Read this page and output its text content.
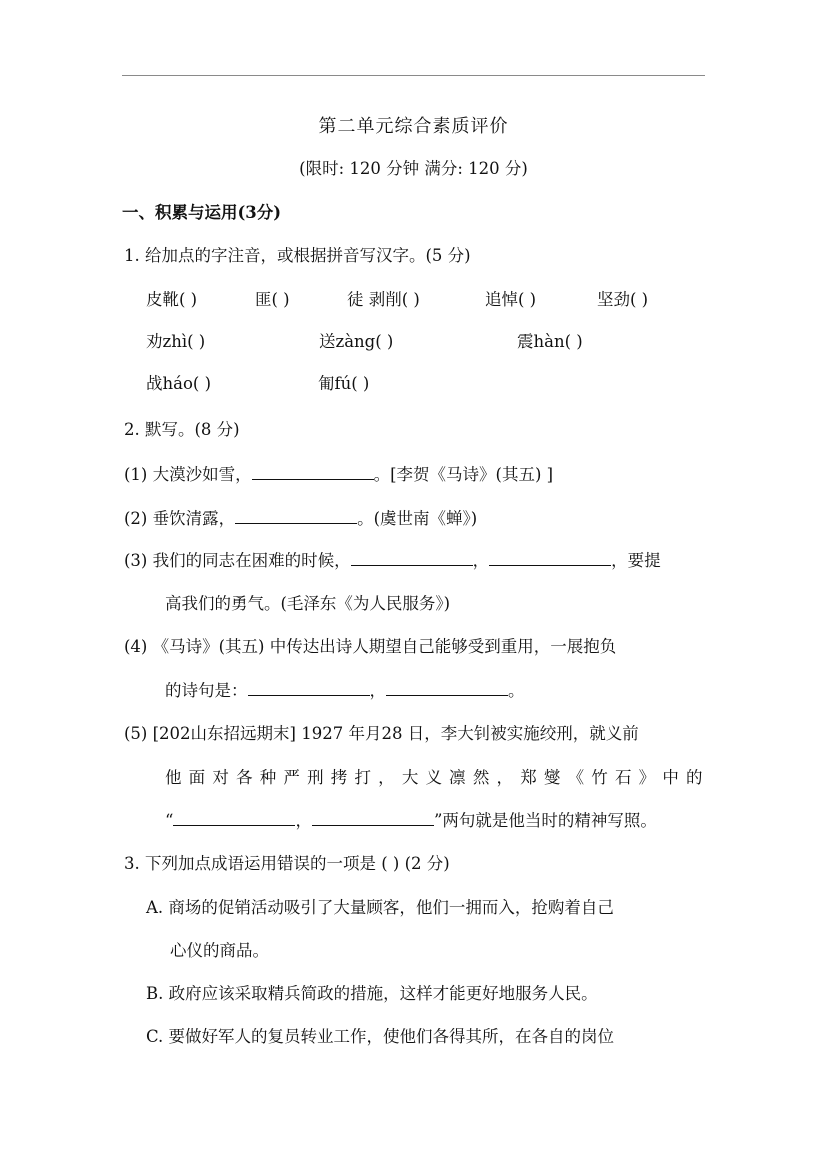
第二单元综合素质评价
(限时: 120 分钟 满分: 120 分)
一、积累与运用(3分)
1. 给加点的字注音，或根据拼音写汉字。(5 分)
皮靴( )	匪( )	徒 剥削( )	追悼( )	坚劲( )
劝zhì( )	送zàng( )	震hàn( )
战háo( )	匍fú( )
2. 默写。(8 分)
(1) 大漠沙如雪，	。[李贺《马诗》(其五) ]
(2) 垂饮清露，	。(虞世南《蝉》)
(3) 我们的同志在困难的时候，	，	，要提
高我们的勇气。(毛泽东《为人民服务》)
(4) 《马诗》(其五) 中传达出诗人期望自己能够受到重用，一展抱负
的诗句是：	，	。
(5) [202山东招远期末] 1927 年月28 日，李大钊被实施绞刑，就义前
他面对各种严刑拷打，大义凛然，郑燮《竹石》中的
“	，	”两句就是他当时的精神写照。
3. 下列加点成语运用错误的一项是 ( ) (2 分)
A. 商场的促销活动吸引了大量顾客，他们一拥而入，抢购着自己
心仪的商品。
B. 政府应该采取精兵简政的措施，这样才能更好地服务人民。
C. 要做好军人的复员转业工作，使他们各得其所，在各自的岗位
